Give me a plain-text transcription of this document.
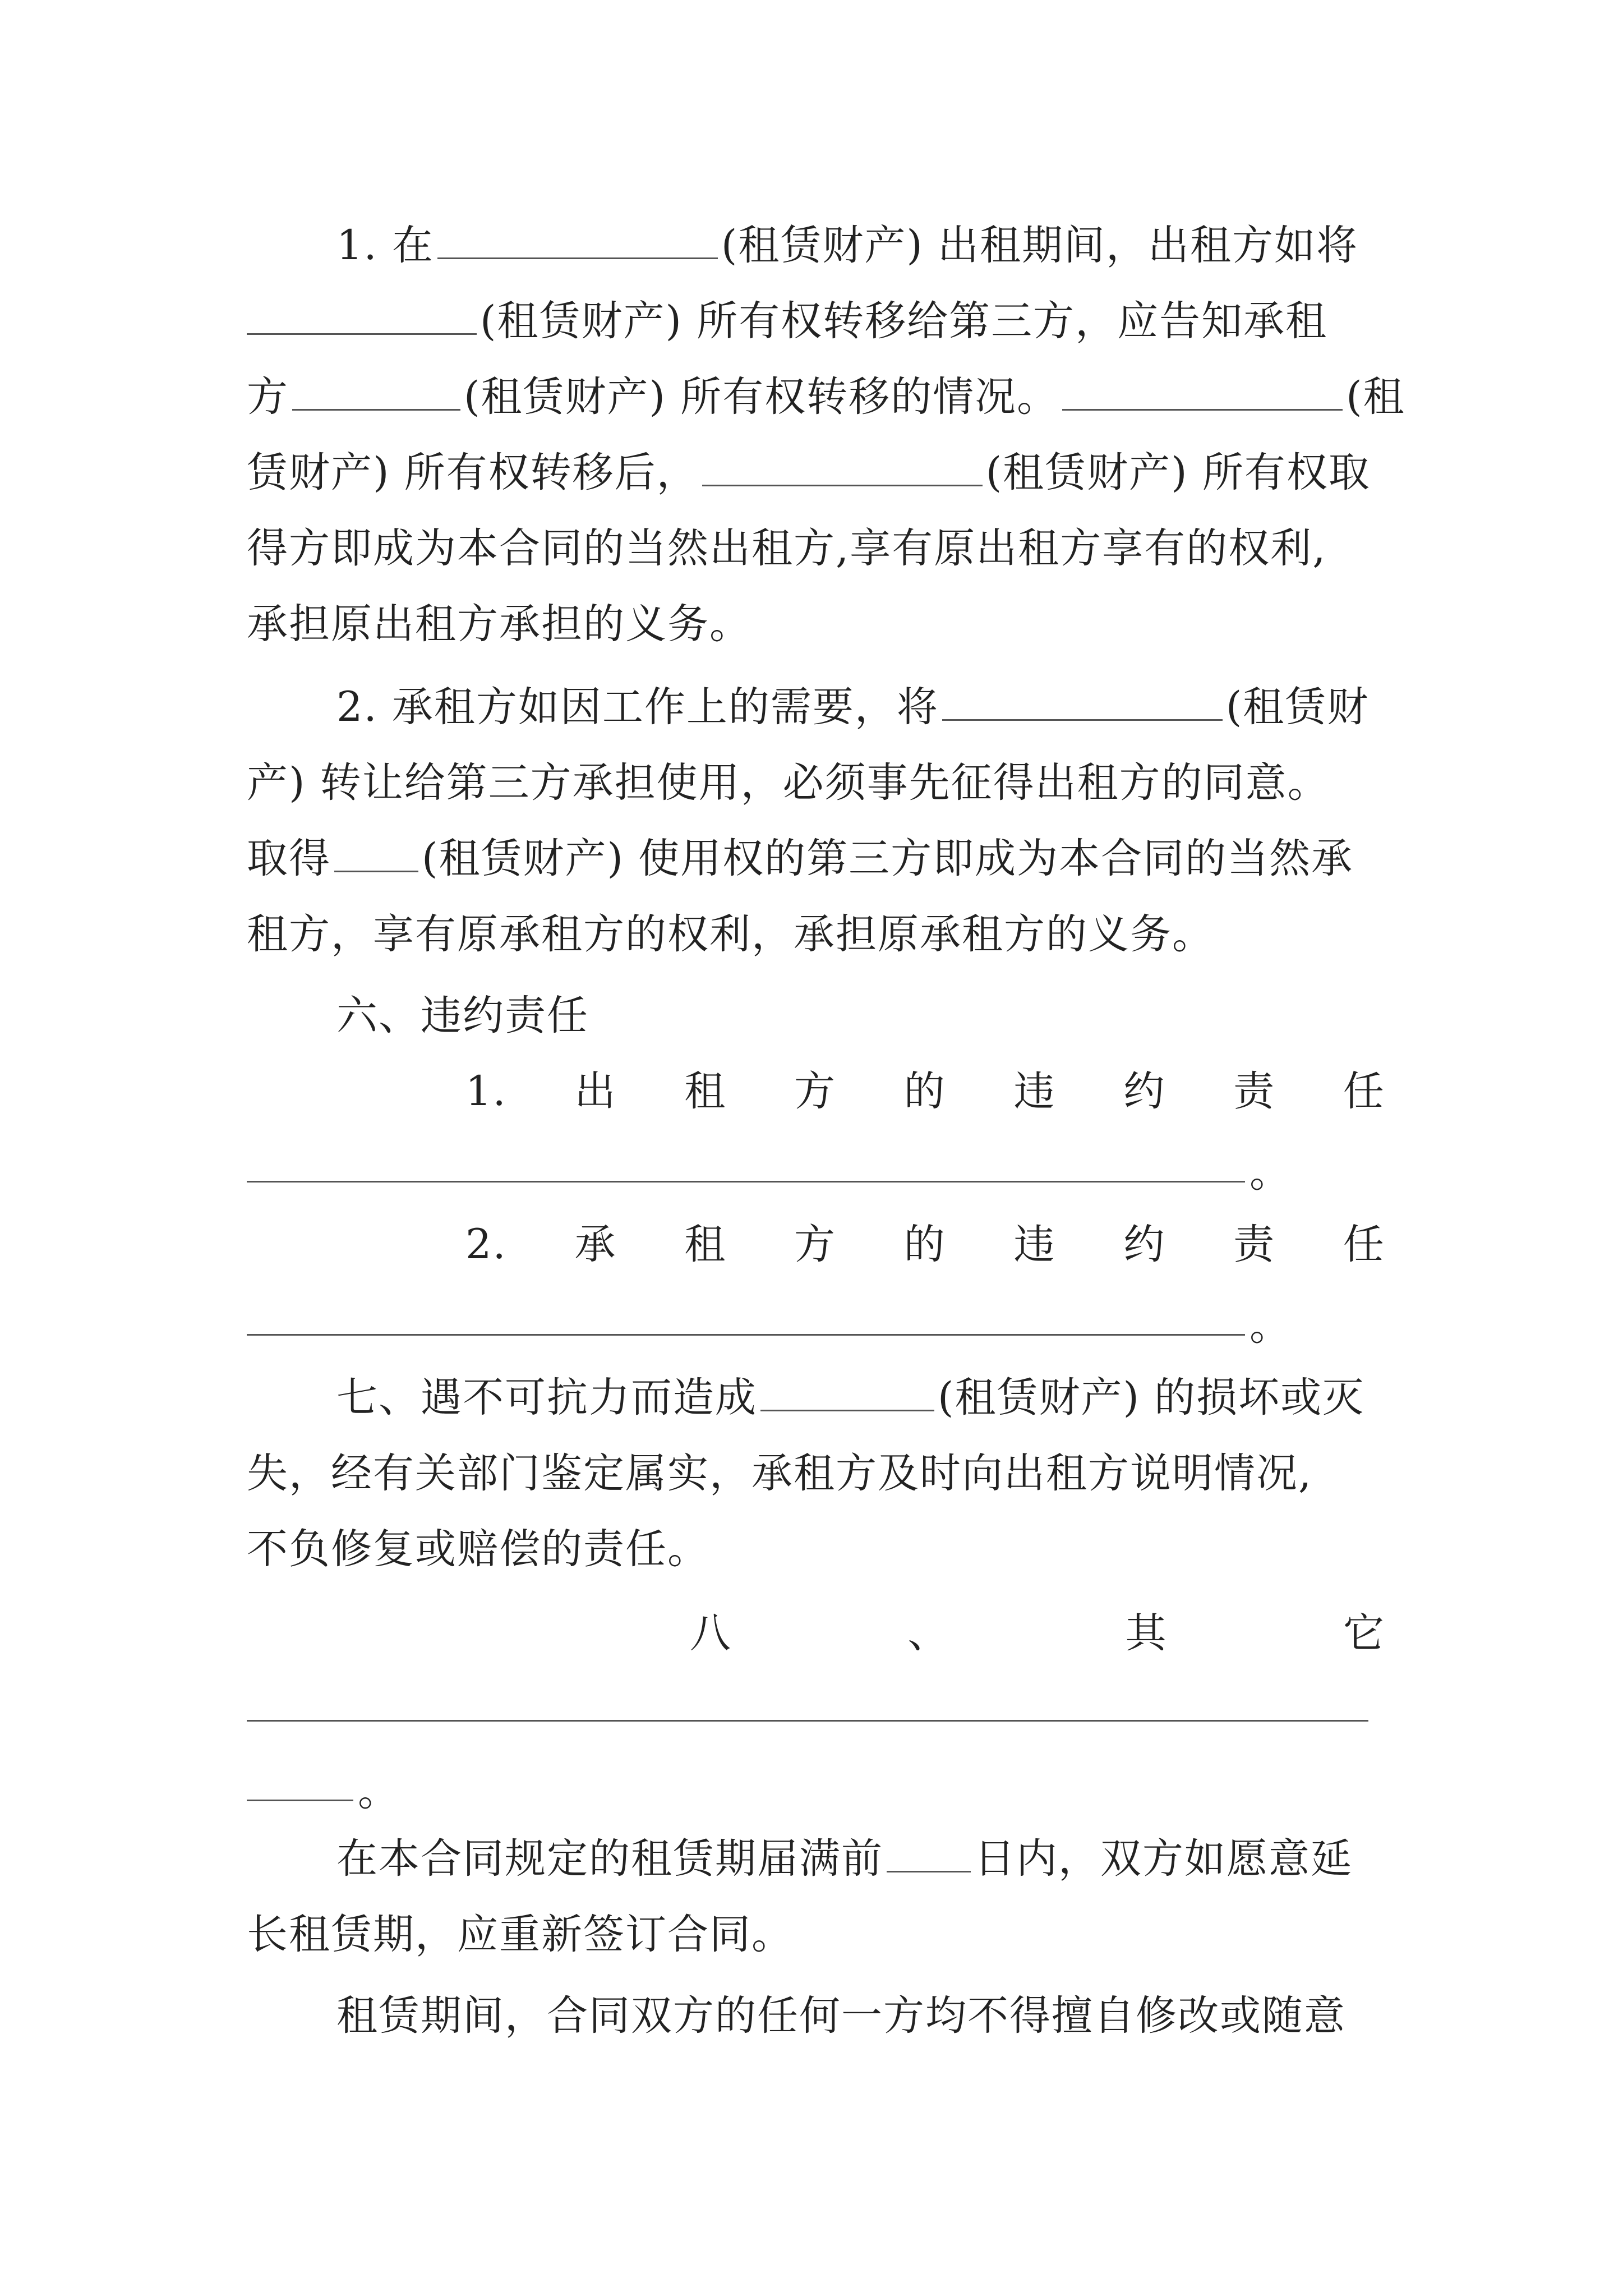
1. 在	(租赁财产) 出租期间，出租方如将
(租赁财产) 所有权转移给第三方，应告知承租
方	(租赁财产) 所有权转移的情况。	(租
赁财产) 所有权转移后，	(租赁财产) 所有权取
得方即成为本合同的当然出租方,享有原出租方享有的权利,
承担原出租方承担的义务。
2. 承租方如因工作上的需要，将	(租赁财
产) 转让给第三方承担使用，必须事先征得出租方的同意。
取得 (租赁财产) 使用权的第三方即成为本合同的当然承
租方，享有原承租方的权利，承担原承租方的义务。
六、违约责任
1. 出 租 方 的 违 约 责 任
。
2. 承 租 方 的 违 约 责 任
。
七、遇不可抗力而造成	(租赁财产) 的损坏或灭
失，经有关部门鉴定属实，承租方及时向出租方说明情况,
不负修复或赔偿的责任。
八	、	其	它
。
在本合同规定的租赁期届满前 日内，双方如愿意延
长租赁期，应重新签订合同。
租赁期间，合同双方的任何一方均不得擅自修改或随意
